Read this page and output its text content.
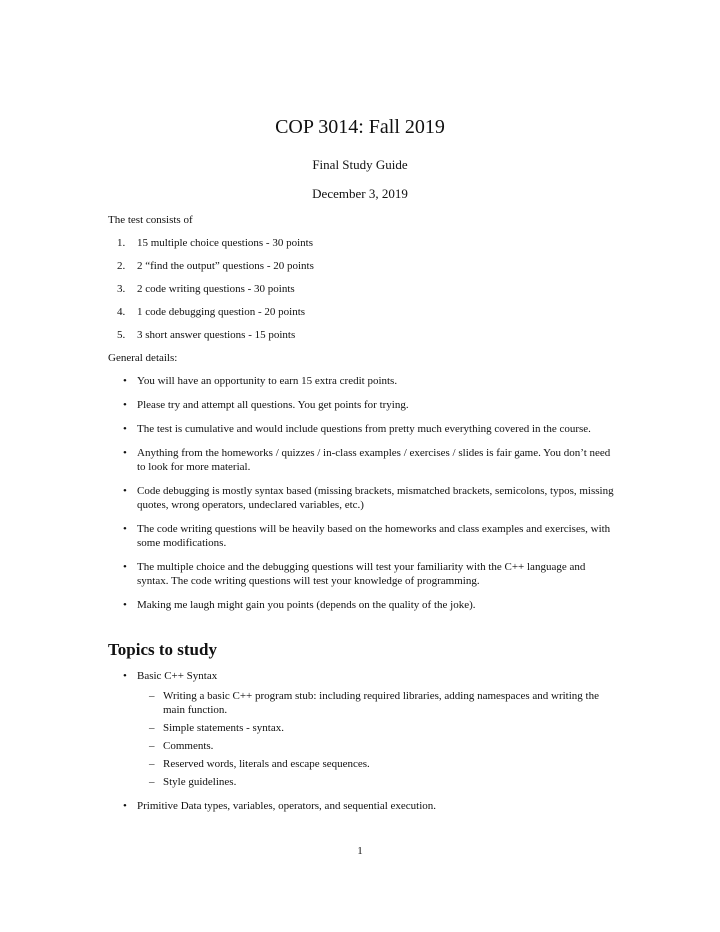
COP 3014: Fall 2019
Final Study Guide
December 3, 2019

The test consists of

1. 15 multiple choice questions - 30 points
2. 2 “find the output” questions - 20 points
3. 2 code writing questions - 30 points
4. 1 code debugging question - 20 points
5. 3 short answer questions - 15 points

General details:

• You will have an opportunity to earn 15 extra credit points.
• Please try and attempt all questions. You get points for trying.
• The test is cumulative and would include questions from pretty much everything covered in the course.
• Anything from the homeworks / quizzes / in-class examples / exercises / slides is fair game. You don’t need to look for more material.
• Code debugging is mostly syntax based (missing brackets, mismatched brackets, semicolons, typos, missing quotes, wrong operators, undeclared variables, etc.)
• The code writing questions will be heavily based on the homeworks and class examples and exercises, with some modifications.
• The multiple choice and the debugging questions will test your familiarity with the C++ language and syntax. The code writing questions will test your knowledge of programming.
• Making me laugh might gain you points (depends on the quality of the joke).
Topics to study
• Basic C++ Syntax
– Writing a basic C++ program stub: including required libraries, adding namespaces and writing the main function.
– Simple statements - syntax.
– Comments.
– Reserved words, literals and escape sequences.
– Style guidelines.
• Primitive Data types, variables, operators, and sequential execution.
1
